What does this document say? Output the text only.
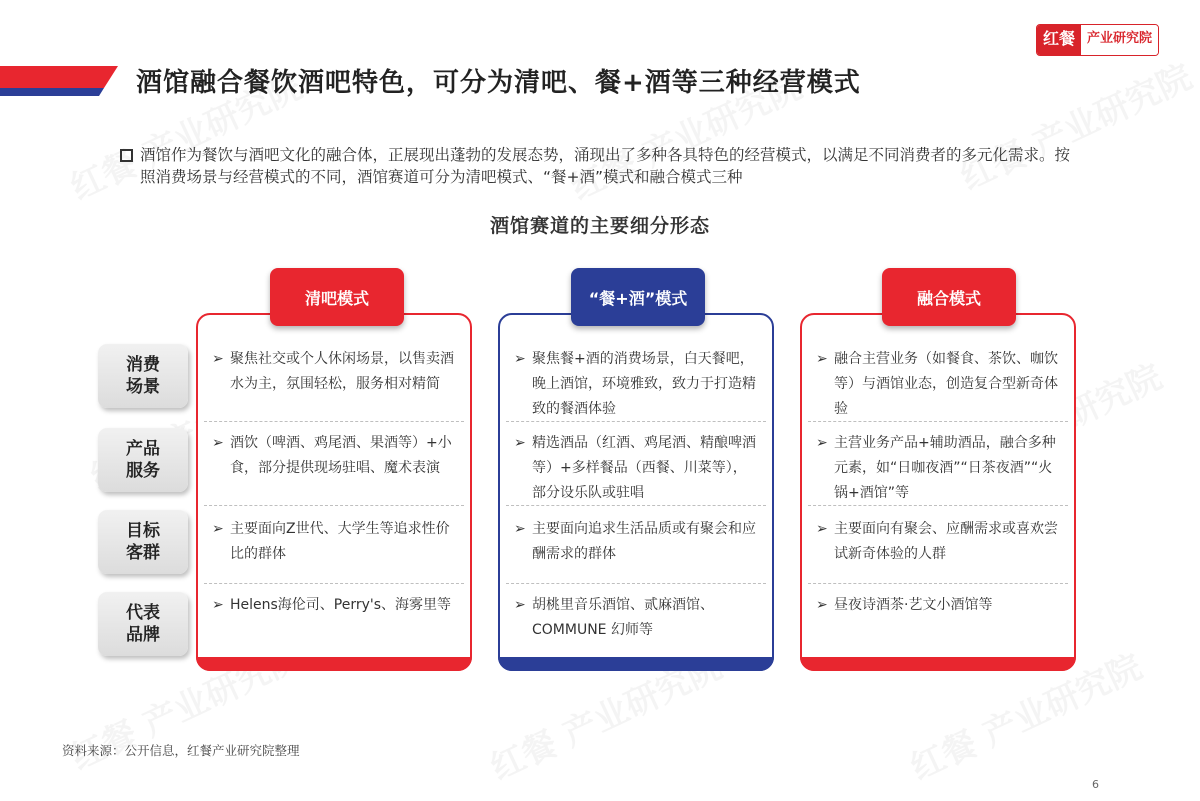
红餐 产业研究院
酒馆融合餐饮酒吧特色，可分为清吧、餐+酒等三种经营模式
酒馆作为餐饮与酒吧文化的融合体，正展现出蓬勃的发展态势，涌现出了多种各具特色的经营模式，以满足不同消费者的多元化需求。按照消费场景与经营模式的不同，酒馆赛道可分为清吧模式、“餐+酒”模式和融合模式三种
酒馆赛道的主要细分形态
消费
场景
产品
服务
目标
客群
代表
品牌
清吧模式
➢ 聚焦社交或个人休闲场景，以售卖酒水为主，氛围轻松，服务相对精简
➢ 酒饮（啤酒、鸡尾酒、果酒等）+小食，部分提供现场驻唱、魔术表演
➢ 主要面向Z世代、大学生等追求性价比的群体
➢ Helens海伦司、Perry's、海雾里等
“餐+酒”模式
➢ 聚焦餐+酒的消费场景，白天餐吧，晚上酒馆，环境雅致，致力于打造精致的餐酒体验
➢ 精选酒品（红酒、鸡尾酒、精酿啤酒等）+多样餐品（西餐、川菜等），部分设乐队或驻唱
➢ 主要面向追求生活品质或有聚会和应酬需求的群体
➢ 胡桃里音乐酒馆、贰麻酒馆、COMMUNE 幻师等
融合模式
➢ 融合主营业务（如餐食、茶饮、咖饮等）与酒馆业态，创造复合型新奇体验
➢ 主营业务产品+辅助酒品，融合多种元素，如“日咖夜酒”“日茶夜酒”“火锅+酒馆”等
➢ 主要面向有聚会、应酬需求或喜欢尝试新奇体验的人群
➢ 昼夜诗酒茶·艺文小酒馆等
资料来源：公开信息，红餐产业研究院整理
6
